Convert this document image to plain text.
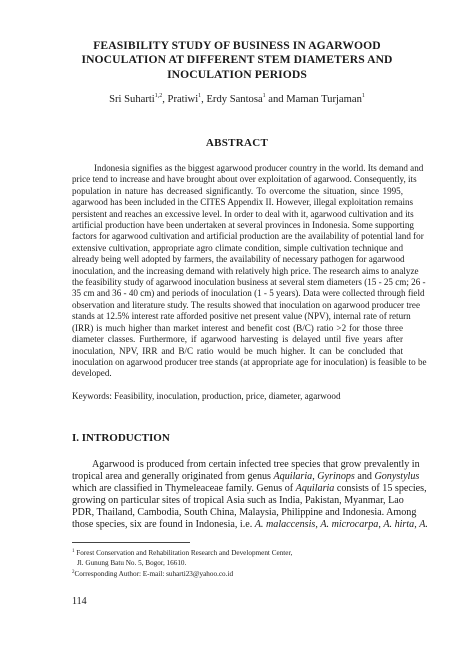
FEASIBILITY STUDY OF BUSINESS IN AGARWOOD
INOCULATION AT DIFFERENT STEM DIAMETERS AND
INOCULATION PERIODS
Sri Suharti$^{1,2}$, Pratiwi$^1$, Erdy Santosa$^1$ and Maman Turjaman$^1$
ABSTRACT
Indonesia signifies as the biggest agarwood producer country in the world. Its demand and
price tend to increase and have brought about over exploitation of agarwood. Consequently, its
population in nature has decreased significantly. To overcome the situation, since 1995,
agarwood has been included in the CITES Appendix II. However, illegal exploitation remains
persistent and reaches an excessive level. In order to deal with it, agarwood cultivation and its
artificial production have been undertaken at several provinces in Indonesia. Some supporting
factors for agarwood cultivation and artificial production are the availability of potential land for
extensive cultivation, appropriate agro climate condition, simple cultivation technique and
already being well adopted by farmers, the availability of necessary pathogen for agarwood
inoculation, and the increasing demand with relatively high price. The research aims to analyze
the feasibility study of agarwood inoculation business at several stem diameters (15 - 25 cm; 26 -
35 cm and 36 - 40 cm) and periods of inoculation (1 - 5 years). Data were collected through field
observation and literature study. The results showed that inoculation on agarwood producer tree
stands at 12.5% interest rate afforded positive net present value (NPV), internal rate of return
(IRR) is much higher than market interest and benefit cost (B/C) ratio >2 for those three
diameter classes. Furthermore, if agarwood harvesting is delayed until five years after
inoculation, NPV, IRR and B/C ratio would be much higher. It can be concluded that
inoculation on agarwood producer tree stands (at appropriate age for inoculation) is feasible to be
developed.
Keywords: Feasibility, inoculation, production, price, diameter, agarwood
I. INTRODUCTION
Agarwood is produced from certain infected tree species that grow prevalently in
tropical area and generally originated from genus Aquilaria, Gyrinops and Gonystylus
which are classified in Thymeleaceae family. Genus of Aquilaria consists of 15 species,
growing on particular sites of tropical Asia such as India, Pakistan, Myanmar, Lao
PDR, Thailand, Cambodia, South China, Malaysia, Philippine and Indonesia. Among
those species, six are found in Indonesia, i.e. A. malaccensis, A. microcarpa, A. hirta, A.
$^1$ Forest Conservation and Rehabilitation Research and Development Center,
Jl. Gunung Batu No. 5, Bogor, 16610.
$^2$Corresponding Author: E-mail: suharti23@yahoo.co.id
114
